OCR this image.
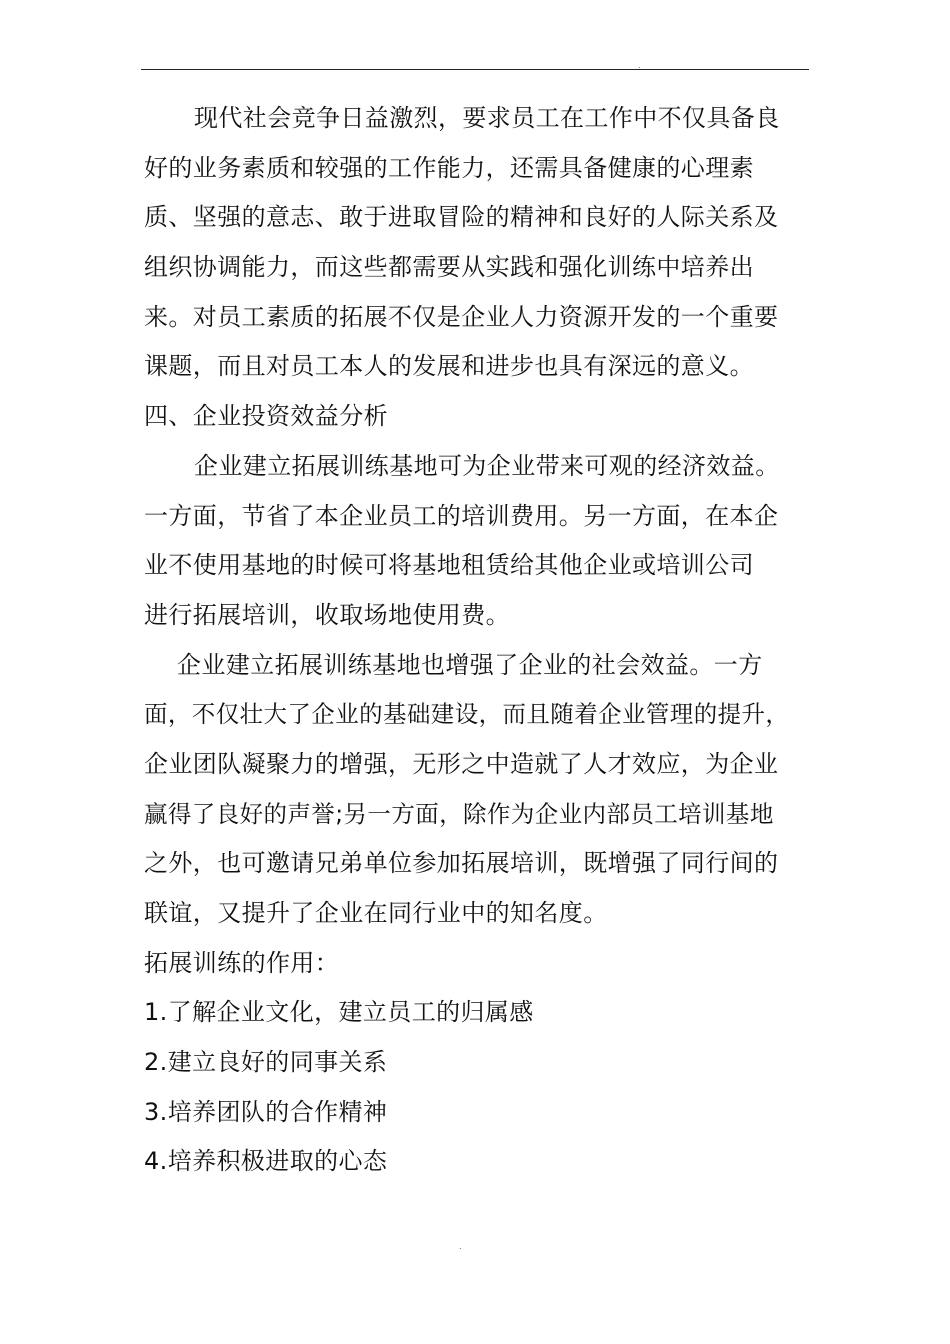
.
现代社会竞争日益激烈，要求员工在工作中不仅具备良
好的业务素质和较强的工作能力，还需具备健康的心理素
质、坚强的意志、敢于进取冒险的精神和良好的人际关系及
组织协调能力，而这些都需要从实践和强化训练中培养出
来。对员工素质的拓展不仅是企业人力资源开发的一个重要
课题，而且对员工本人的发展和进步也具有深远的意义。
四、企业投资效益分析
企业建立拓展训练基地可为企业带来可观的经济效益。
一方面，节省了本企业员工的培训费用。另一方面，在本企
业不使用基地的时候可将基地租赁给其他企业或培训公司
进行拓展培训，收取场地使用费。
企业建立拓展训练基地也增强了企业的社会效益。一方
面，不仅壮大了企业的基础建设，而且随着企业管理的提升，
企业团队凝聚力的增强，无形之中造就了人才效应，为企业
赢得了良好的声誉;另一方面，除作为企业内部员工培训基地
之外，也可邀请兄弟单位参加拓展培训，既增强了同行间的
联谊，又提升了企业在同行业中的知名度。
拓展训练的作用：
1.了解企业文化，建立员工的归属感
2.建立良好的同事关系
3.培养团队的合作精神
4.培养积极进取的心态
.
